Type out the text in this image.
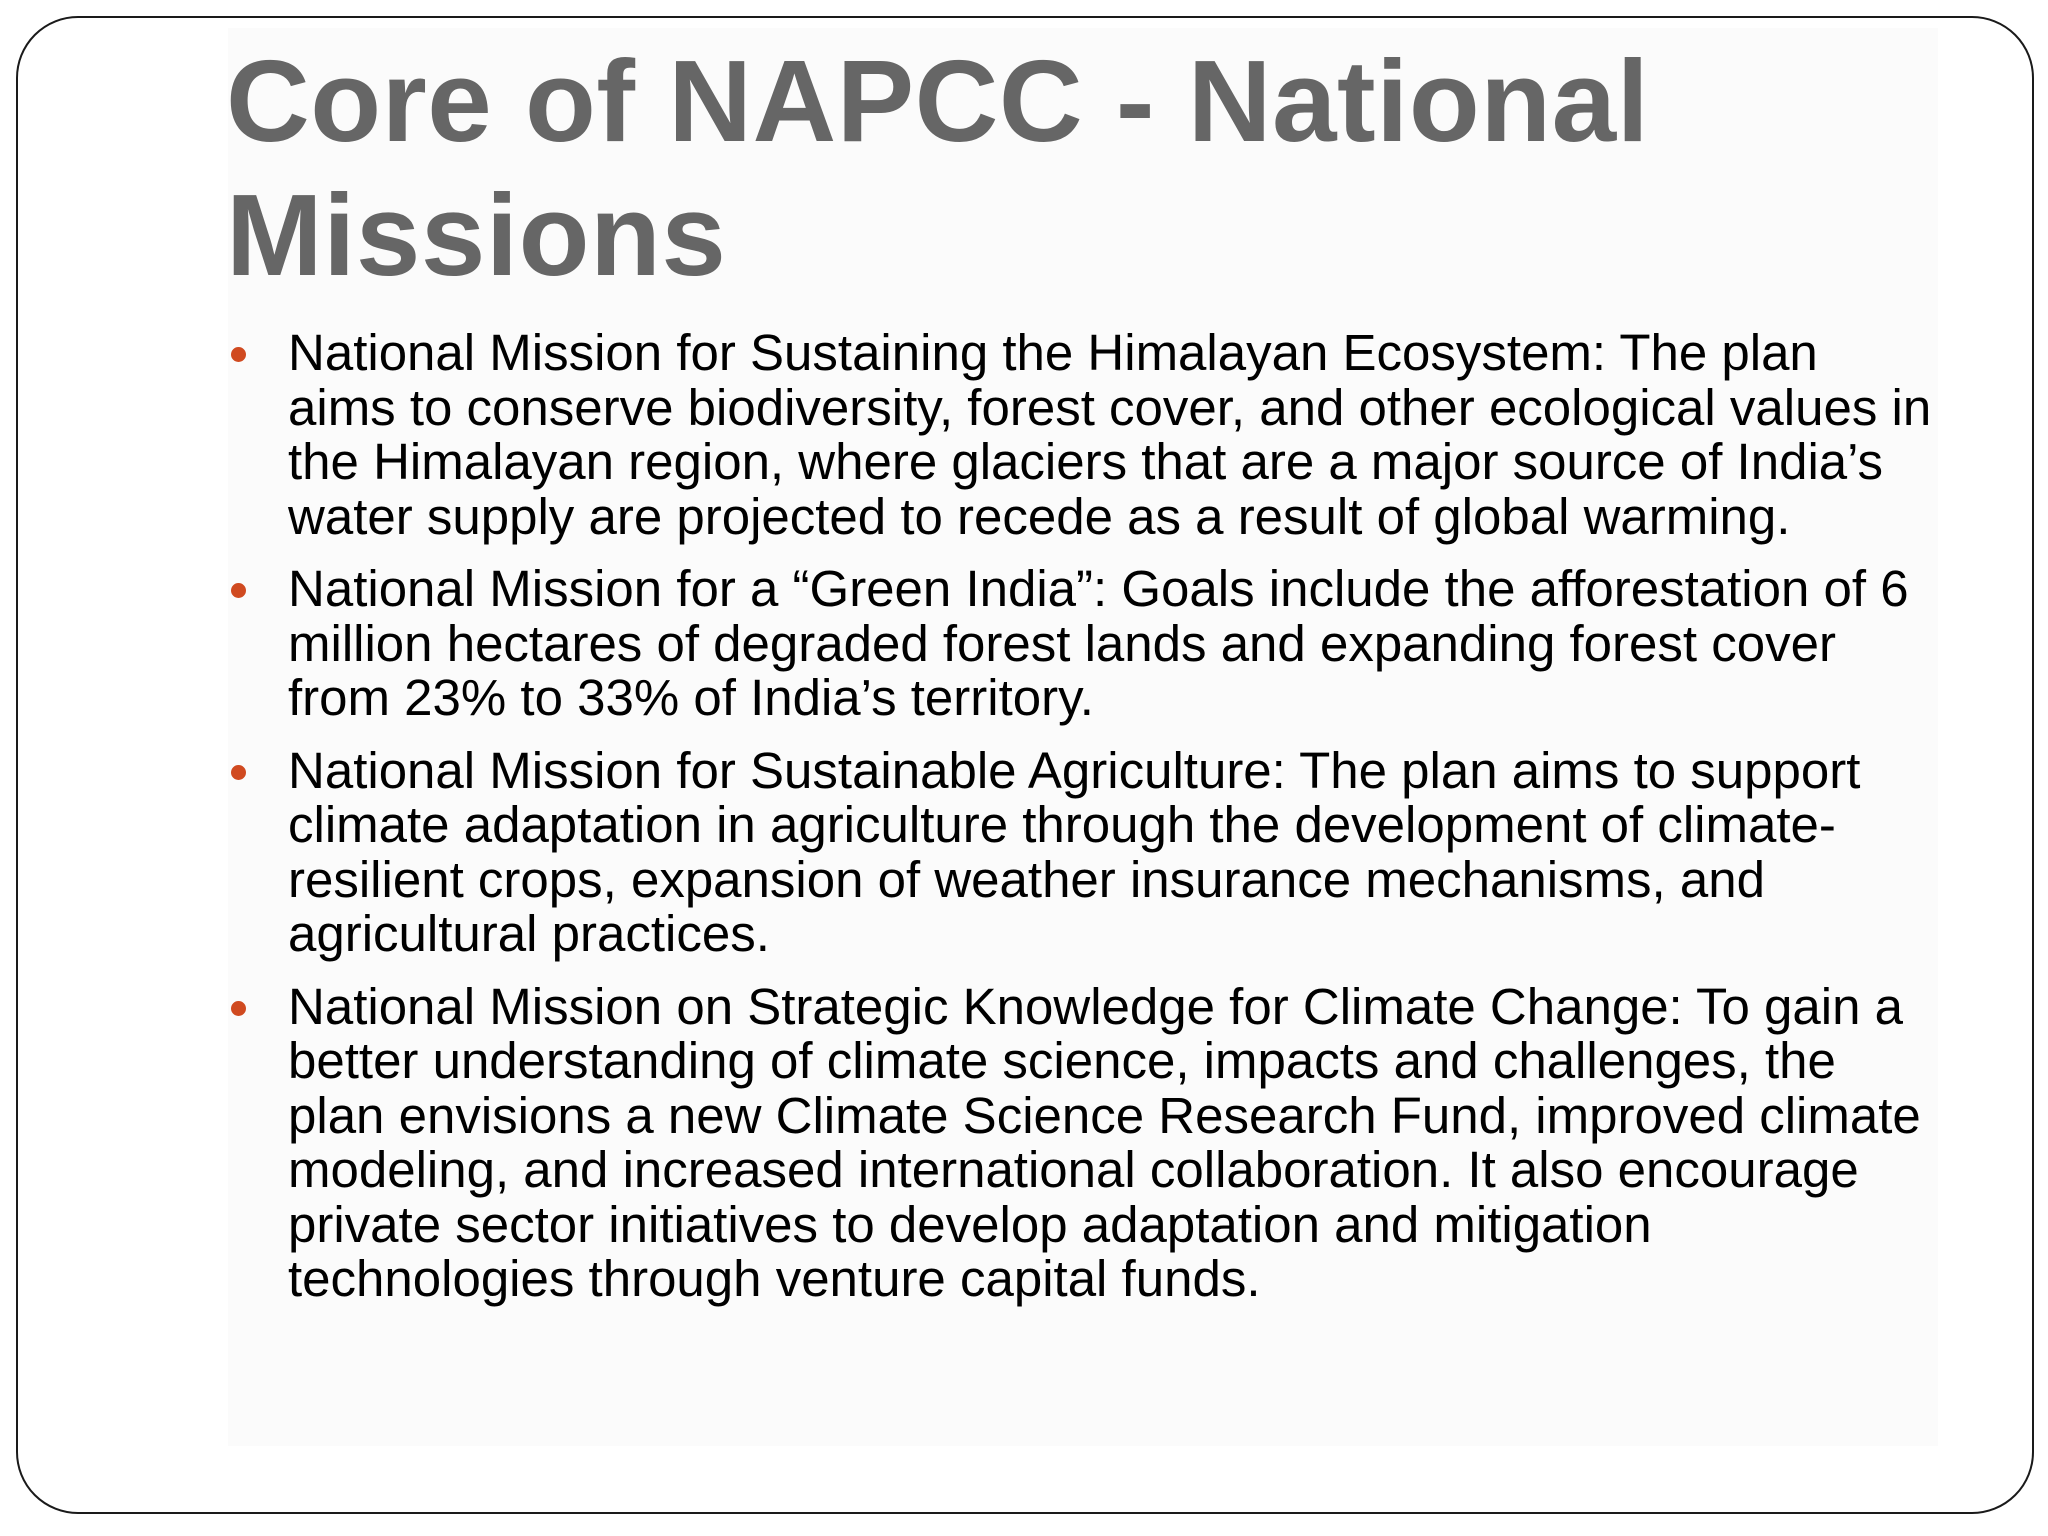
Core of NAPCC - National Missions
National Mission for Sustaining the Himalayan Ecosystem: The plan aims to conserve biodiversity, forest cover, and other ecological values in the Himalayan region, where glaciers that are a major source of India’s water supply are projected to recede as a result of global warming.
National Mission for a “Green India”: Goals include the afforestation of 6 million hectares of degraded forest lands and expanding forest cover from 23% to 33% of India’s territory.
National Mission for Sustainable Agriculture: The plan aims to support climate adaptation in agriculture through the development of climate-resilient crops, expansion of weather insurance mechanisms, and agricultural practices.
National Mission on Strategic Knowledge for Climate Change: To gain a better understanding of climate science, impacts and challenges, the plan envisions a new Climate Science Research Fund, improved climate modeling, and increased international collaboration. It also encourage private sector initiatives to develop adaptation and mitigation technologies through venture capital funds.
